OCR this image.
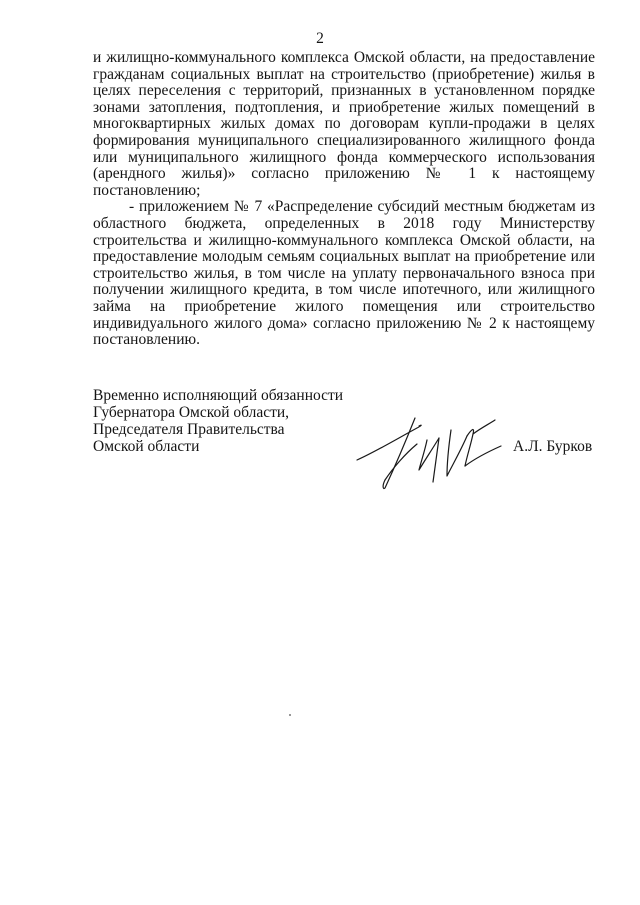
2

и жилищно-коммунального комплекса Омской области, на предоставление гражданам социальных выплат на строительство (приобретение) жилья в целях переселения с территорий, признанных в установленном порядке зонами затопления, подтопления, и приобретение жилых помещений в многоквартирных жилых домах по договорам купли-продажи в целях формирования муниципального специализированного жилищного фонда или муниципального жилищного фонда коммерческого использования (арендного жилья)» согласно приложению № 1 к настоящему постановлению;

- приложением № 7 «Распределение субсидий местным бюджетам из областного бюджета, определенных в 2018 году Министерству строительства и жилищно-коммунального комплекса Омской области, на предоставление молодым семьям социальных выплат на приобретение или строительство жилья, в том числе на уплату первоначального взноса при получении жилищного кредита, в том числе ипотечного, или жилищного займа на приобретение жилого помещения или строительство индивидуального жилого дома» согласно приложению № 2 к настоящему постановлению.

Временно исполняющий обязанности
Губернатора Омской области,
Председателя Правительства
Омской области	А.Л. Бурков
